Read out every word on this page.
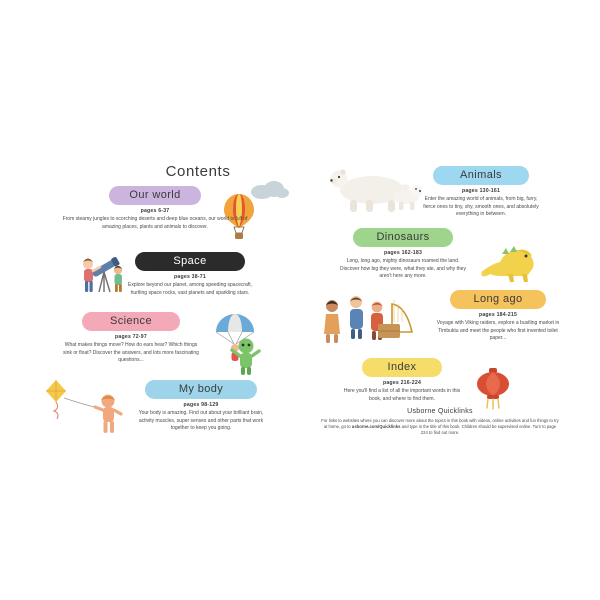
Contents
Our world
pages 6-37
From steamy jungles to scorching deserts and deep blue oceans, our world is full of amazing places, plants and animals to discover.
Space
pages 38-71
Explore beyond our planet, among speeding spacecraft, hurtling space rocks, vast planets and sparkling stars.
Science
pages 72-97
What makes things move? How do ears hear? Which things sink or float? Discover the answers, and lots more fascinating questions...
My body
pages 98-129
Your body is amazing. Find out about your brilliant brain, activity muscles, super senses and other parts that work together to keep you going.
Animals
pages 130-161
Enter the amazing world of animals, from big, furry, fierce ones to tiny, shy, smooth ones, and absolutely everything in between.
Dinosaurs
pages 162-183
Long, long ago, mighty dinosaurs roamed the land. Discover how big they were, what they ate, and why they aren't here any more.
Long ago
pages 184-215
Voyage with Viking raiders, explore a bustling market in Timbuktu and meet the people who first invented toilet paper...
Index
pages 216-224
Here you'll find a list of all the important words in this book, and where to find them.
Usborne Quicklinks
For links to websites where you can discover more about the topics in this book with videos, online activities and fun things to try at home, go to usborne.com/Quicklinks and type in the title of this book. Children should be supervised online. Turn to page 224 to find out more.
